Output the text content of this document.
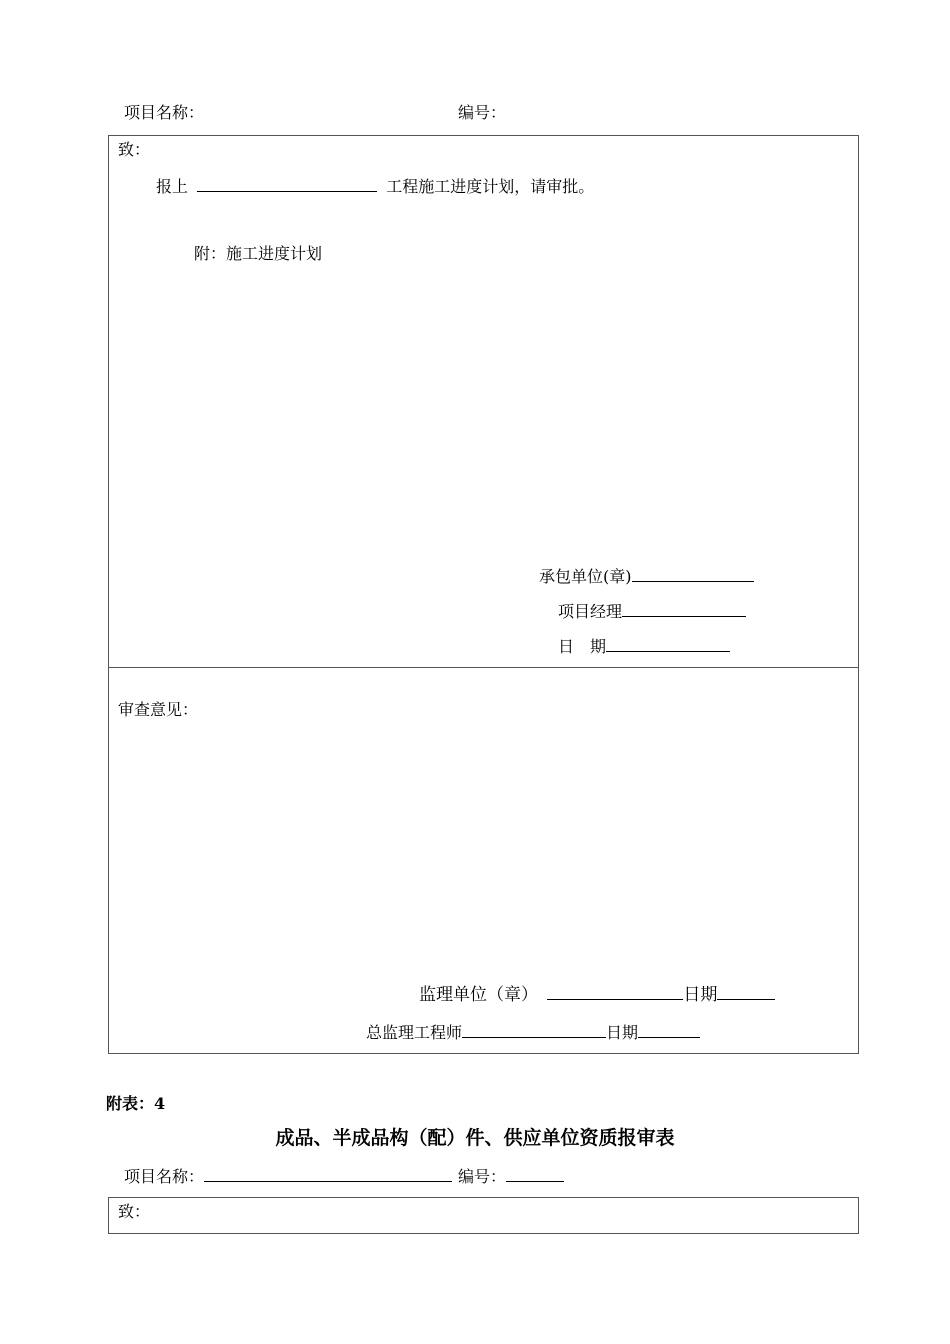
项目名称：	编号：
致：
报上	工程施工进度计划，请审批。
附：施工进度计划
承包单位(章)
项目经理
日　期
审查意见：
监理单位（章）	日期
总监理工程师	日期
附表：4
成品、半成品构（配）件、供应单位资质报审表
项目名称：	编号：
致：
